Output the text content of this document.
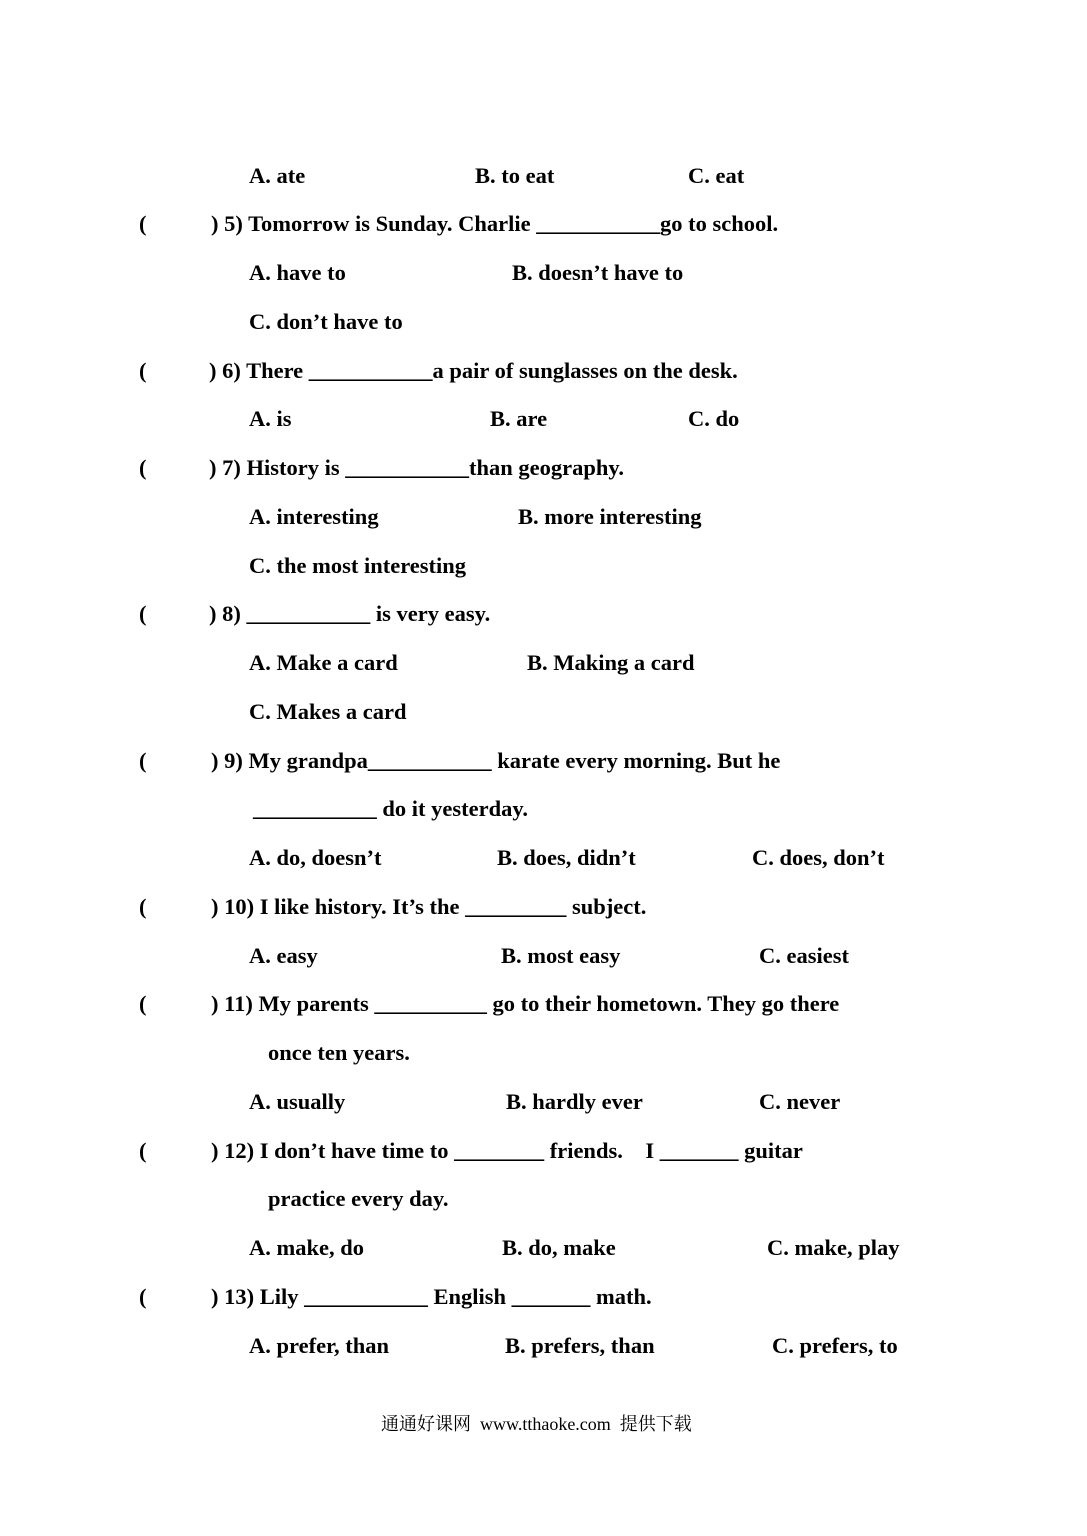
A. ate	B. to eat	C. eat
(	) 5) Tomorrow is Sunday. Charlie ___________go to school.
A. have to	B. doesn’t have to
C. don’t have to
(	) 6) There ___________a pair of sunglasses on the desk.
A. is	B. are	C. do
(	) 7) History is ___________than geography.
A. interesting	B. more interesting
C. the most interesting
(	) 8) ___________ is very easy.
A. Make a card	B. Making a card
C. Makes a card
(	) 9) My grandpa___________ karate every morning. But he
___________ do it yesterday.
A. do, doesn’t	B. does, didn’t	C. does, don’t
(	) 10) I like history. It’s the _________ subject.
A. easy	B. most easy	C. easiest
(	) 11) My parents __________ go to their hometown. They go there
once ten years.
A. usually	B. hardly ever	C. never
(	) 12) I don’t have time to ________ friends.    I _______ guitar
practice every day.
A. make, do	B. do, make	C. make, play
(	) 13) Lily ___________ English _______ math.
A. prefer, than	B. prefers, than	C. prefers, to
通通好课网  www.tthaoke.com  提供下载
